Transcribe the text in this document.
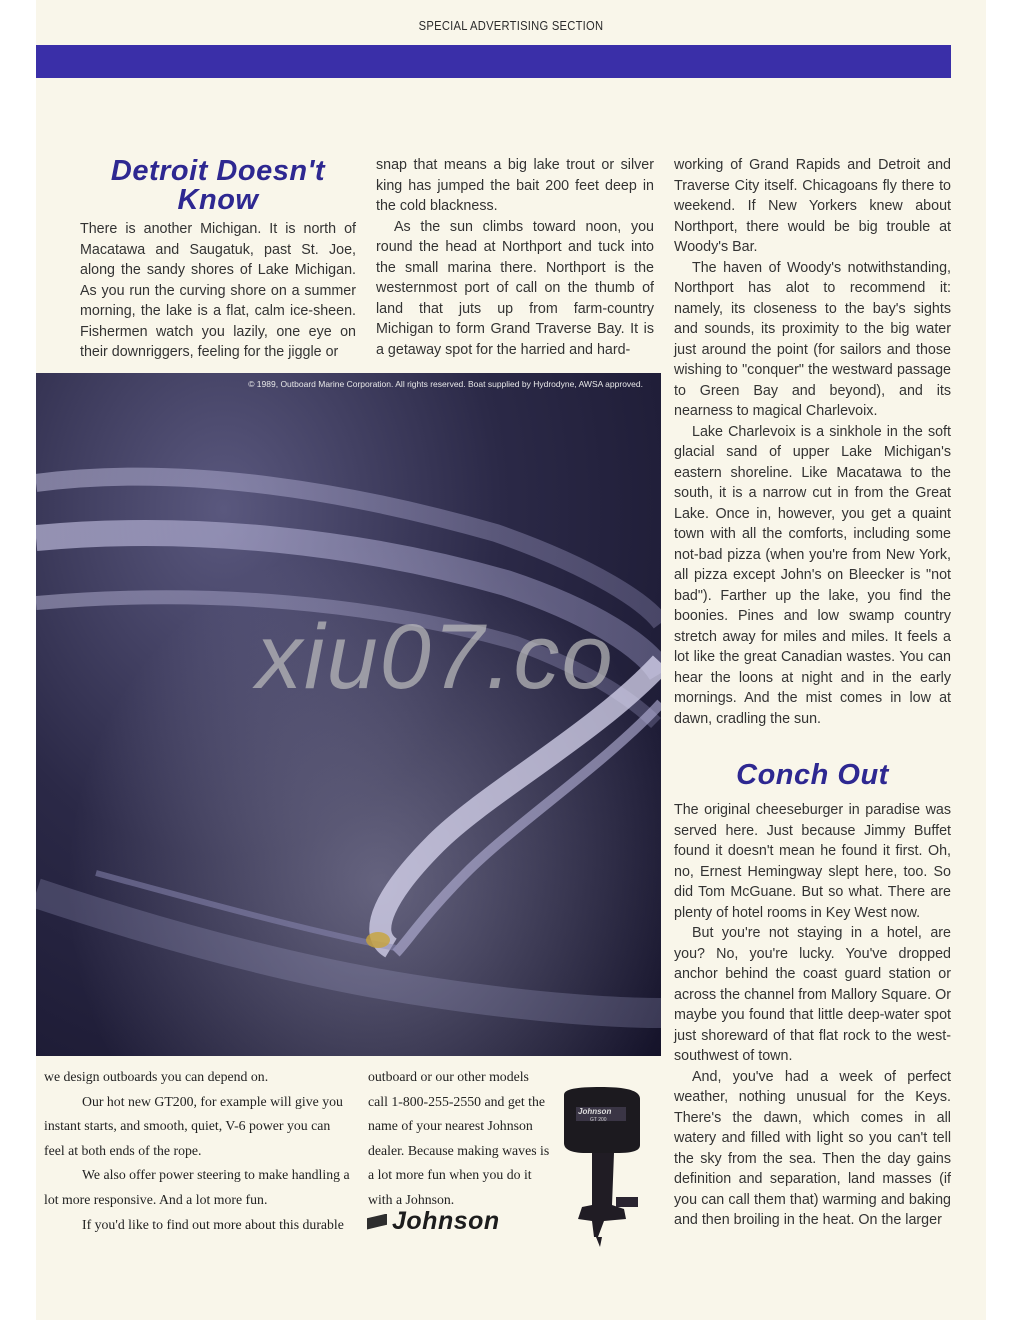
SPECIAL ADVERTISING SECTION
Detroit Doesn't
Know

There is another Michigan. It is north of Macatawa and Saugatuk, past St. Joe, along the sandy shores of Lake Michigan. As you run the curving shore on a summer morning, the lake is a flat, calm ice-sheen. Fishermen watch you lazily, one eye on their downriggers, feeling for the jiggle or

snap that means a big lake trout or silver king has jumped the bait 200 feet deep in the cold blackness.

As the sun climbs toward noon, you round the head at Northport and tuck into the small marina there. Northport is the westernmost port of call on the thumb of land that juts up from farm-country Michigan to form Grand Traverse Bay. It is a getaway spot for the harried and hard-

working of Grand Rapids and Detroit and Traverse City itself. Chicagoans fly there to weekend. If New Yorkers knew about Northport, there would be big trouble at Woody's Bar.

The haven of Woody's notwithstanding, Northport has alot to recommend it: namely, its closeness to the bay's sights and sounds, its proximity to the big water just around the point (for sailors and those wishing to "conquer" the westward passage to Green Bay and beyond), and its nearness to magical Charlevoix.

Lake Charlevoix is a sinkhole in the soft glacial sand of upper Lake Michigan's eastern shoreline. Like Macatawa to the south, it is a narrow cut in from the Great Lake. Once in, however, you get a quaint town with all the comforts, including some not-bad pizza (when you're from New York, all pizza except John's on Bleecker is "not bad"). Farther up the lake, you find the boonies. Pines and low swamp country stretch away for miles and miles. It feels a lot like the great Canadian wastes. You can hear the loons at night and in the early mornings. And the mist comes in low at dawn, cradling the sun.

Conch Out

The original cheeseburger in paradise was served here. Just because Jimmy Buffet found it doesn't mean he found it first. Oh, no, Ernest Hemingway slept here, too. So did Tom McGuane. But so what. There are plenty of hotel rooms in Key West now.

But you're not staying in a hotel, are you? No, you're lucky. You've dropped anchor behind the coast guard station or across the channel from Mallory Square. Or maybe you found that little deep-water spot just shoreward of that flat rock to the west-southwest of town.

And, you've had a week of perfect weather, nothing unusual for the Keys. There's the dawn, which comes in all watery and filled with light so you can't tell the sky from the sea. Then the day gains definition and separation, land masses (if you can call them that) warming and baking and then broiling in the heat. On the larger

© 1989, Outboard Marine Corporation. All rights reserved. Boat supplied by Hydrodyne, AWSA approved.

we design outboards you can depend on.

Our hot new GT200, for example will give you instant starts, and smooth, quiet, V-6 power you can feel at both ends of the rope.

We also offer power steering to make handling a lot more responsive. And a lot more fun.

If you'd like to find out more about this durable

outboard or our other models call 1-800-255-2550 and get the name of your nearest Johnson dealer. Because making waves is a lot more fun when you do it with a Johnson.

Johnson
GT 200
Johnson
xiu07.co
